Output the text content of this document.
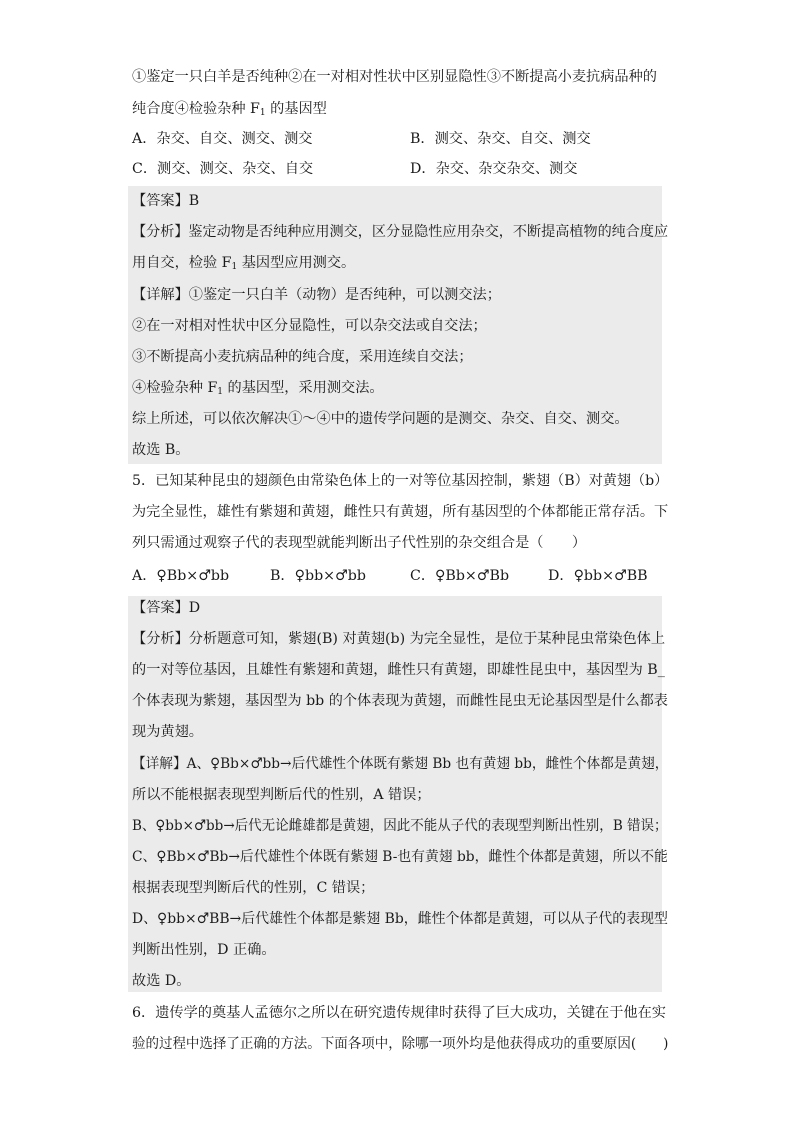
①鉴定一只白羊是否纯种②在一对相对性状中区别显隐性③不断提高小麦抗病品种的
纯合度④检验杂种 $F_1$ 的基因型
A．杂交、自交、测交、测交	B．测交、杂交、自交、测交
C．测交、测交、杂交、自交	D．杂交、杂交杂交、测交
【答案】B
【分析】鉴定动物是否纯种应用测交，区分显隐性应用杂交，不断提高植物的纯合度应
用自交，检验 $F_1$ 基因型应用测交。
【详解】①鉴定一只白羊（动物）是否纯种，可以测交法；
②在一对相对性状中区分显隐性，可以杂交法或自交法；
③不断提高小麦抗病品种的纯合度，采用连续自交法；
④检验杂种 $F_1$ 的基因型，采用测交法。
综上所述，可以依次解决①～④中的遗传学问题的是测交、杂交、自交、测交。
故选 B。
5．已知某种昆虫的翅颜色由常染色体上的一对等位基因控制，紫翅（B）对黄翅（b）
为完全显性，雄性有紫翅和黄翅，雌性只有黄翅，所有基因型的个体都能正常存活。下
列只需通过观察子代的表现型就能判断出子代性别的杂交组合是（　　）
A．♀Bb×♂bb	B．♀bb×♂bb	C．♀Bb×♂Bb	D．♀bb×♂BB
【答案】D
【分析】分析题意可知，紫翅(B) 对黄翅(b) 为完全显性，是位于某种昆虫常染色体上
的一对等位基因，且雄性有紫翅和黄翅，雌性只有黄翅，即雄性昆虫中，基因型为 B_
个体表现为紫翅，基因型为 bb 的个体表现为黄翅，而雌性昆虫无论基因型是什么都表
现为黄翅。
【详解】A、♀Bb×♂bb→后代雄性个体既有紫翅 Bb 也有黄翅 bb，雌性个体都是黄翅，
所以不能根据表现型判断后代的性别，A 错误；
B、♀bb×♂bb→后代无论雌雄都是黄翅，因此不能从子代的表现型判断出性别，B 错误；
C、♀Bb×♂Bb→后代雄性个体既有紫翅 B-也有黄翅 bb，雌性个体都是黄翅，所以不能
根据表现型判断后代的性别，C 错误；
D、♀bb×♂BB→后代雄性个体都是紫翅 Bb，雌性个体都是黄翅，可以从子代的表现型
判断出性别，D 正确。
故选 D。
6．遗传学的奠基人孟德尔之所以在研究遗传规律时获得了巨大成功，关键在于他在实
验的过程中选择了正确的方法。下面各项中，除哪一项外均是他获得成功的重要原因(　　)
